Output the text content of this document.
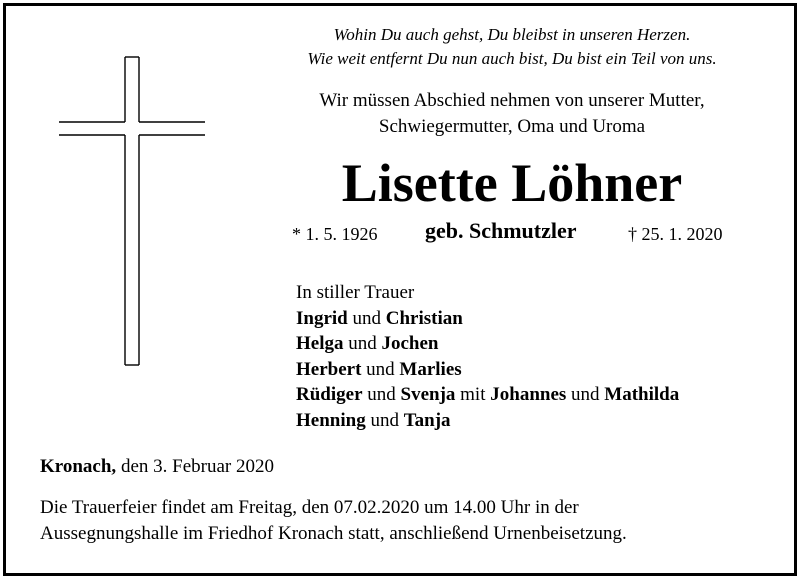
Wohin Du auch gehst, Du bleibst in unseren Herzen.
Wie weit entfernt Du nun auch bist, Du bist ein Teil von uns.
Wir müssen Abschied nehmen von unserer Mutter,
Schwiegermutter, Oma und Uroma
Lisette Löhner
* 1. 5. 1926 geb. Schmutzler	† 25. 1. 2020
In stiller Trauer
Ingrid und Christian
Helga und Jochen
Herbert und Marlies
Rüdiger und Svenja mit Johannes und Mathilda
Henning und Tanja
Kronach, den 3. Februar 2020
Die Trauerfeier findet am Freitag, den 07.02.2020 um 14.00 Uhr in der
Aussegnungshalle im Friedhof Kronach statt, anschließend Urnenbeisetzung.
